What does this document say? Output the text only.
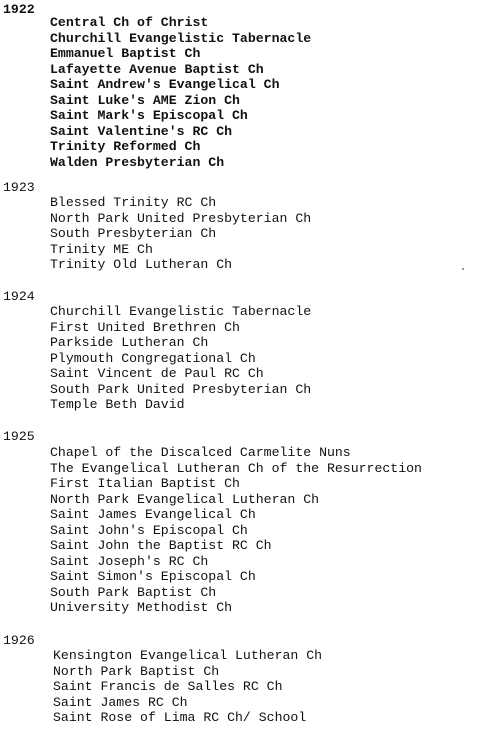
1922
Central Ch of Christ
Churchill Evangelistic Tabernacle
Emmanuel Baptist Ch
Lafayette Avenue Baptist Ch
Saint Andrew's Evangelical Ch
Saint Luke's AME Zion Ch
Saint Mark's Episcopal Ch
Saint Valentine's RC Ch
Trinity Reformed Ch
Walden Presbyterian Ch
1923
Blessed Trinity RC Ch
North Park United Presbyterian Ch
South Presbyterian Ch
Trinity ME Ch
Trinity Old Lutheran Ch
1924
Churchill Evangelistic Tabernacle
First United Brethren Ch
Parkside Lutheran Ch
Plymouth Congregational Ch
Saint Vincent de Paul RC Ch
South Park United Presbyterian Ch
Temple Beth David
1925
Chapel of the Discalced Carmelite Nuns
The Evangelical Lutheran Ch of the Resurrection
First Italian Baptist Ch
North Park Evangelical Lutheran Ch
Saint James Evangelical Ch
Saint John's Episcopal Ch
Saint John the Baptist RC Ch
Saint Joseph's RC Ch
Saint Simon's Episcopal Ch
South Park Baptist Ch
University Methodist Ch
1926
Kensington Evangelical Lutheran Ch
North Park Baptist Ch
Saint Francis de Salles RC Ch
Saint James RC Ch
Saint Rose of Lima RC Ch/ School
